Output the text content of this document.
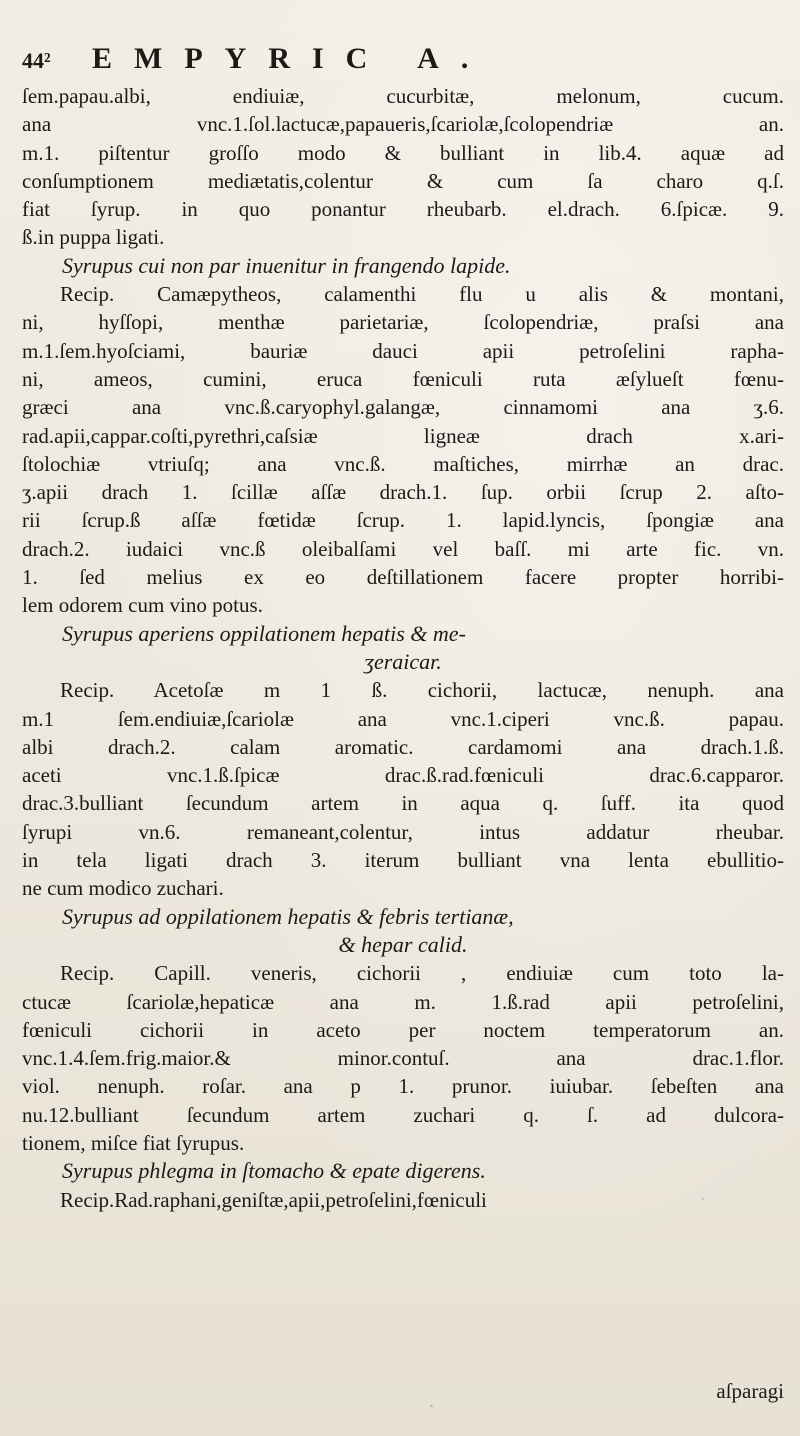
44² EMPYRIC A.
ſem.papau.albi, endiuiæ, cucurbitæ, melonum, cucum.
ana vnc.1.ſol.lactucæ,papaueris,ſcariolæ,ſcolopendriæ an.
m.1. piſtentur groſſo modo & bulliant in lib.4. aquæ ad
conſumptionem mediætatis,colentur & cum ſa charo q.ſ.
fiat ſyrup. in quo ponantur rheubarb. el.drach. 6.ſpicæ. 9.
ß.in puppa ligati.
Syrupus cui non par inuenitur in frangendo lapide.
Recip. Camæpytheos, calamenthi flu u alis & montani,
ni, hyſſopi, menthæ parietariæ, ſcolopendriæ, praſsi ana
m.1.ſem.hyoſciami, bauriæ dauci apii petroſelini rapha-
ni, ameos, cumini, eruca fœniculi ruta æſylueſt fœnu-
græci ana vnc.ß.caryophyl.galangæ, cinnamomi ana ʒ.6.
rad.apii,cappar.coſti,pyrethri,caſsiæ ligneæ drach x.ari-
ſtolochiæ vtriuſq; ana vnc.ß. maſtiches, mirrhæ an drac.
ʒ.apii drach 1. ſcillæ aſſæ drach.1. ſup. orbii ſcrup 2. aſto-
rii ſcrup.ß aſſæ fœtidæ ſcrup. 1. lapid.lyncis, ſpongiæ ana
drach.2. iudaici vnc.ß oleibalſami vel baſſ. mi arte fic. vn.
1. ſed melius ex eo deſtillationem facere propter horribi-
lem odorem cum vino potus.
Syrupus aperiens oppilationem hepatis & me-
ʒeraicar.
Recip. Acetoſæ m 1 ß. cichorii, lactucæ, nenuph. ana
m.1 ſem.endiuiæ,ſcariolæ ana vnc.1.ciperi vnc.ß. papau.
albi drach.2. calam aromatic. cardamomi ana drach.1.ß.
aceti vnc.1.ß.ſpicæ drac.ß.rad.fœniculi drac.6.capparor.
drac.3.bulliant ſecundum artem in aqua q. ſuff. ita quod
ſyrupi vn.6. remaneant,colentur, intus addatur rheubar.
in tela ligati drach 3. iterum bulliant vna lenta ebullitio-
ne cum modico zuchari.
Syrupus ad oppilationem hepatis & febris tertianæ,
& hepar calid.
Recip. Capill. veneris, cichorii , endiuiæ cum toto la-
ctucæ ſcariolæ,hepaticæ ana m. 1.ß.rad apii petroſelini,
fœniculi cichorii in aceto per noctem temperatorum an.
vnc.1.4.ſem.frig.maior.& minor.contuſ. ana drac.1.flor.
viol. nenuph. roſar. ana p 1. prunor. iuiubar. ſebeſten ana
nu.12.bulliant ſecundum artem zuchari q. ſ. ad dulcora-
tionem, miſce fiat ſyrupus.
Syrupus phlegma in ſtomacho & epate digerens.
Recip.Rad.raphani,geniſtæ,apii,petroſelini,fœniculi
aſparagi
